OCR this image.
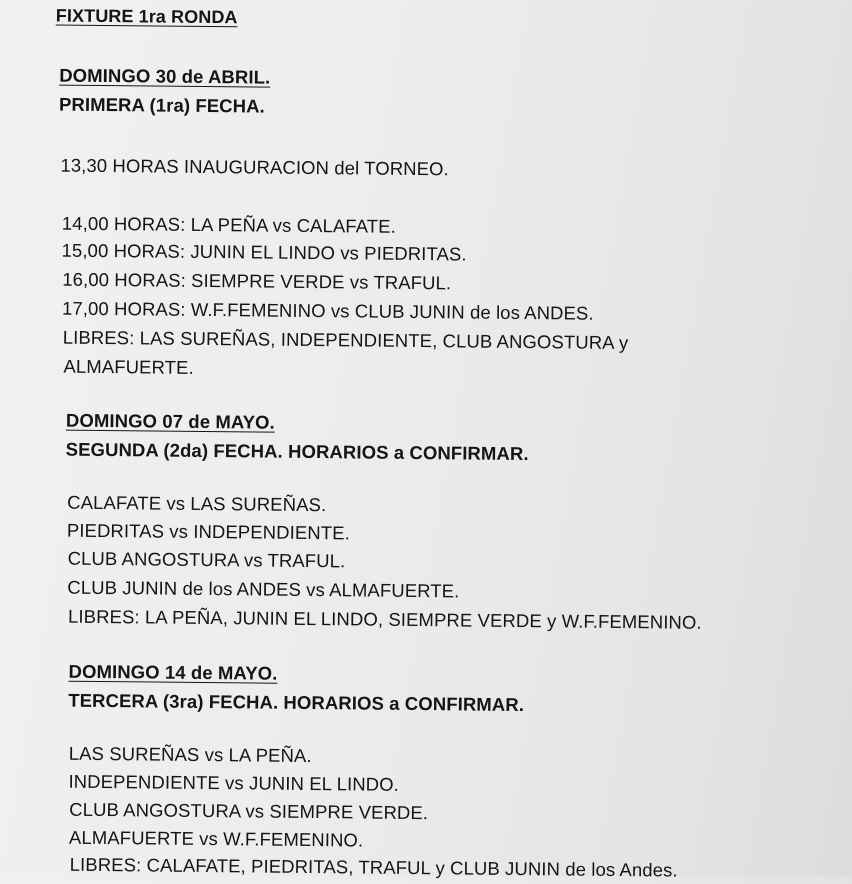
FIXTURE 1ra RONDA
DOMINGO 30 de ABRIL.
PRIMERA (1ra) FECHA.
13,30 HORAS INAUGURACION del TORNEO.
14,00 HORAS: LA PEÑA vs CALAFATE.
15,00 HORAS: JUNIN EL LINDO vs PIEDRITAS.
16,00 HORAS: SIEMPRE VERDE vs TRAFUL.
17,00 HORAS: W.F.FEMENINO vs CLUB JUNIN de los ANDES.
LIBRES: LAS SUREÑAS, INDEPENDIENTE, CLUB ANGOSTURA y
ALMAFUERTE.
DOMINGO 07 de MAYO.
SEGUNDA (2da) FECHA. HORARIOS a CONFIRMAR.
CALAFATE vs LAS SUREÑAS.
PIEDRITAS vs INDEPENDIENTE.
CLUB ANGOSTURA vs TRAFUL.
CLUB JUNIN de los ANDES vs ALMAFUERTE.
LIBRES: LA PEÑA, JUNIN EL LINDO, SIEMPRE VERDE y W.F.FEMENINO.
DOMINGO 14 de MAYO.
TERCERA (3ra) FECHA. HORARIOS a CONFIRMAR.
LAS SUREÑAS vs LA PEÑA.
INDEPENDIENTE vs JUNIN EL LINDO.
CLUB ANGOSTURA vs SIEMPRE VERDE.
ALMAFUERTE vs W.F.FEMENINO.
LIBRES: CALAFATE, PIEDRITAS, TRAFUL y CLUB JUNIN de los Andes.
